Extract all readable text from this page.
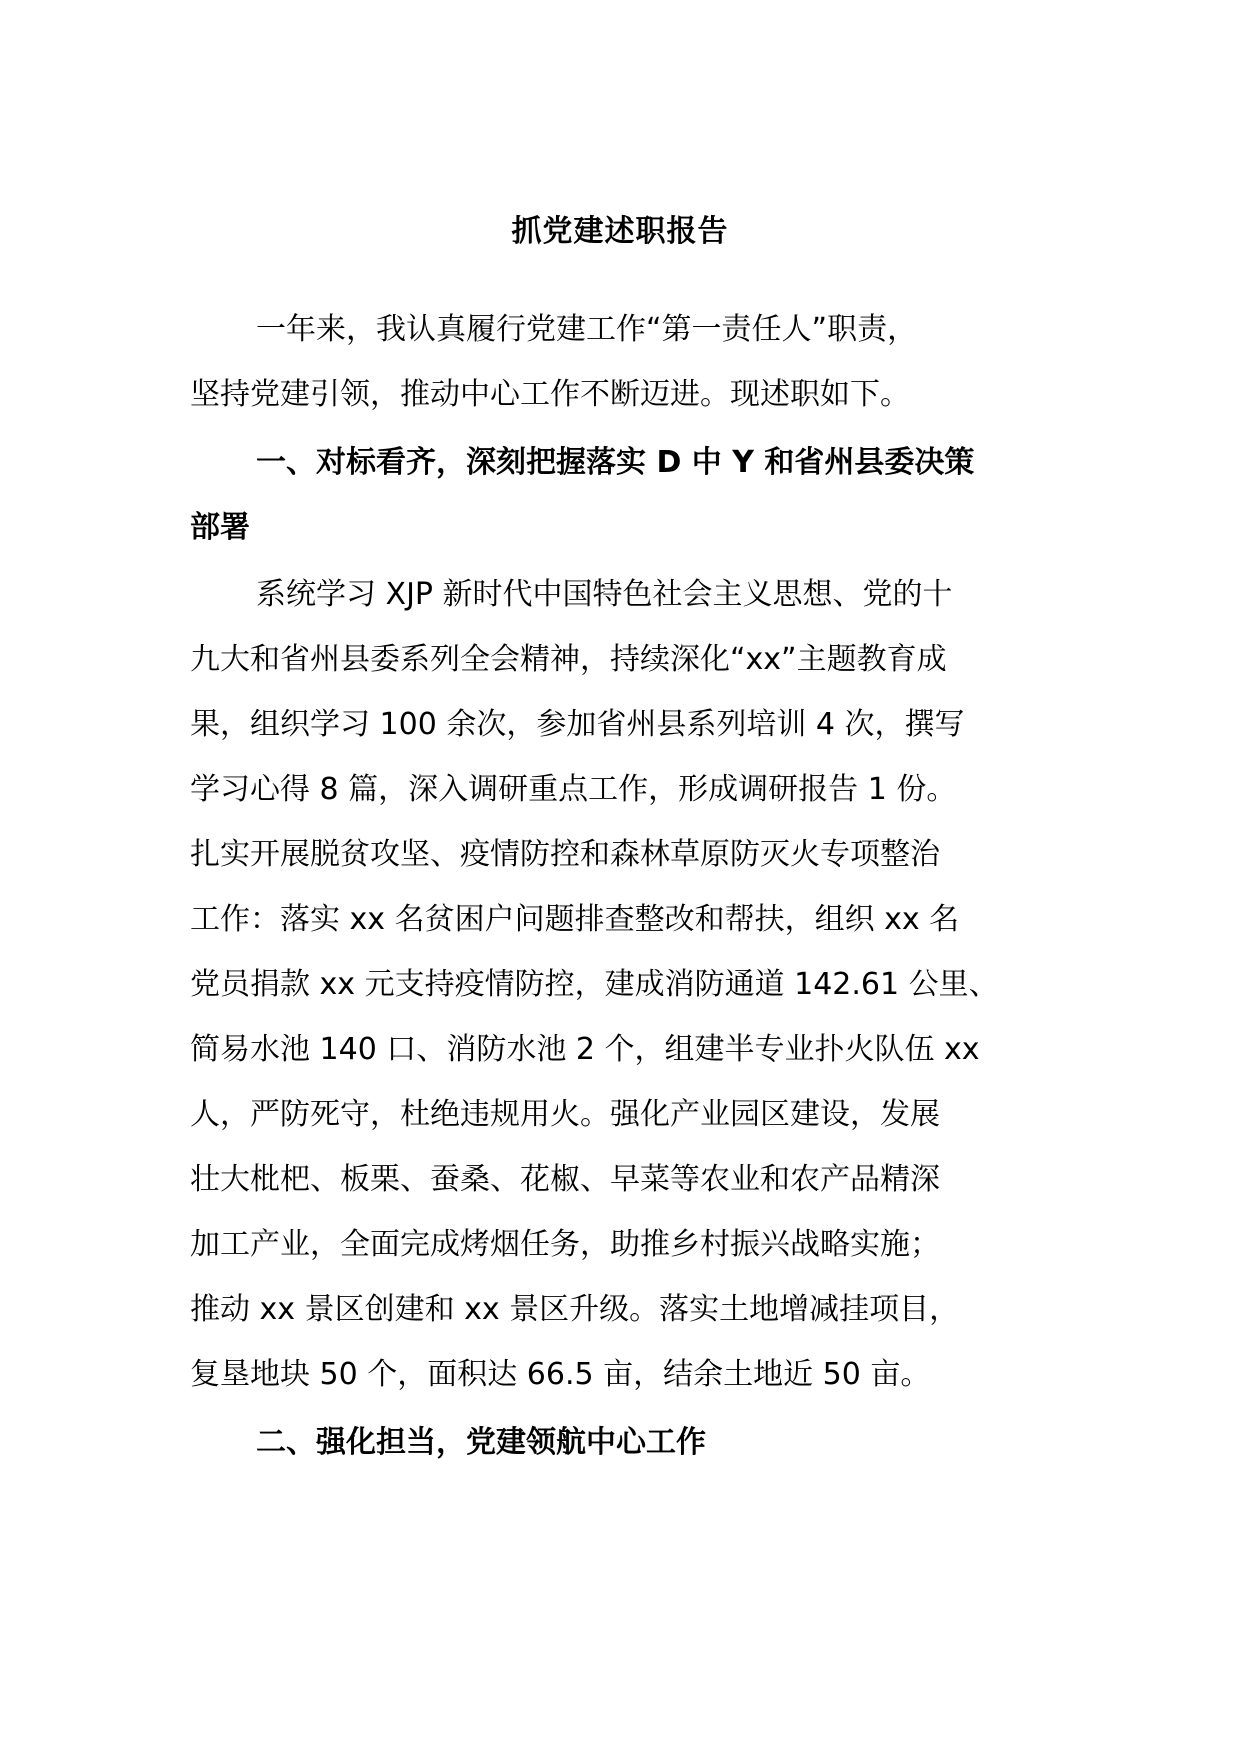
抓党建述职报告
一年来，我认真履行党建工作“第一责任人”职责，
坚持党建引领，推动中心工作不断迈进。现述职如下。
一、对标看齐，深刻把握落实 D 中 Y 和省州县委决策
部署
系统学习 XJP 新时代中国特色社会主义思想、党的十
九大和省州县委系列全会精神，持续深化“xx”主题教育成
果，组织学习 100 余次，参加省州县系列培训 4 次，撰写
学习心得 8 篇，深入调研重点工作，形成调研报告 1 份。
扎实开展脱贫攻坚、疫情防控和森林草原防灭火专项整治
工作：落实 xx 名贫困户问题排查整改和帮扶，组织 xx 名
党员捐款 xx 元支持疫情防控，建成消防通道 142.61 公里、
简易水池 140 口、消防水池 2 个，组建半专业扑火队伍 xx
人，严防死守，杜绝违规用火。强化产业园区建设，发展
壮大枇杷、板栗、蚕桑、花椒、早菜等农业和农产品精深
加工产业，全面完成烤烟任务，助推乡村振兴战略实施；
推动 xx 景区创建和 xx 景区升级。落实土地增减挂项目，
复垦地块 50 个，面积达 66.5 亩，结余土地近 50 亩。
二、强化担当，党建领航中心工作
